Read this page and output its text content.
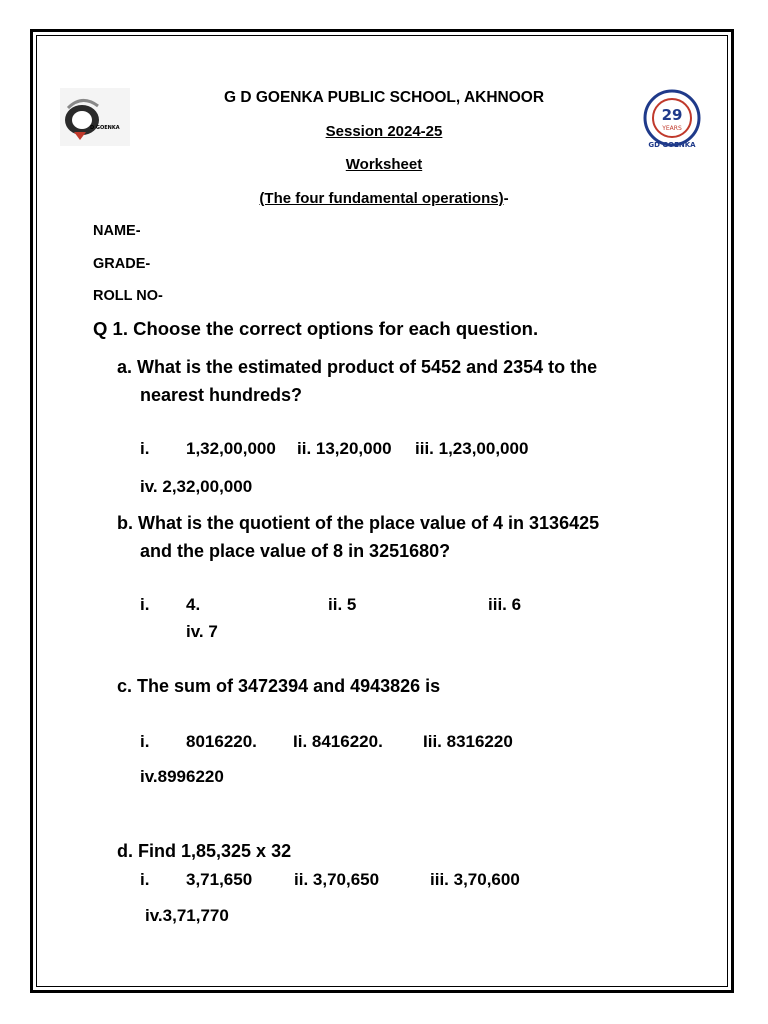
D GOENKA
29
YEARS
GD GOENKA
G D GOENKA PUBLIC SCHOOL, AKHNOOR
Session 2024-25
Worksheet
(The four fundamental operations)-
NAME-
GRADE-
ROLL NO-
Q 1. Choose the correct options for each question.
a. What is the estimated product of 5452 and 2354 to the
nearest hundreds?
i. 1,32,00,000 ii. 13,20,000 iii. 1,23,00,000
iv. 2,32,00,000
b. What is the quotient of the place value of 4 in 3136425
and the place value of 8 in 3251680?
i. 4.	ii. 5	iii. 6
iv. 7
c. The sum of 3472394 and 4943826 is
i. 8016220. Ii. 8416220. Iii. 8316220
iv.8996220
d. Find 1,85,325 x 32
i. 3,71,650 ii. 3,70,650	iii. 3,70,600
iv.3,71,770
